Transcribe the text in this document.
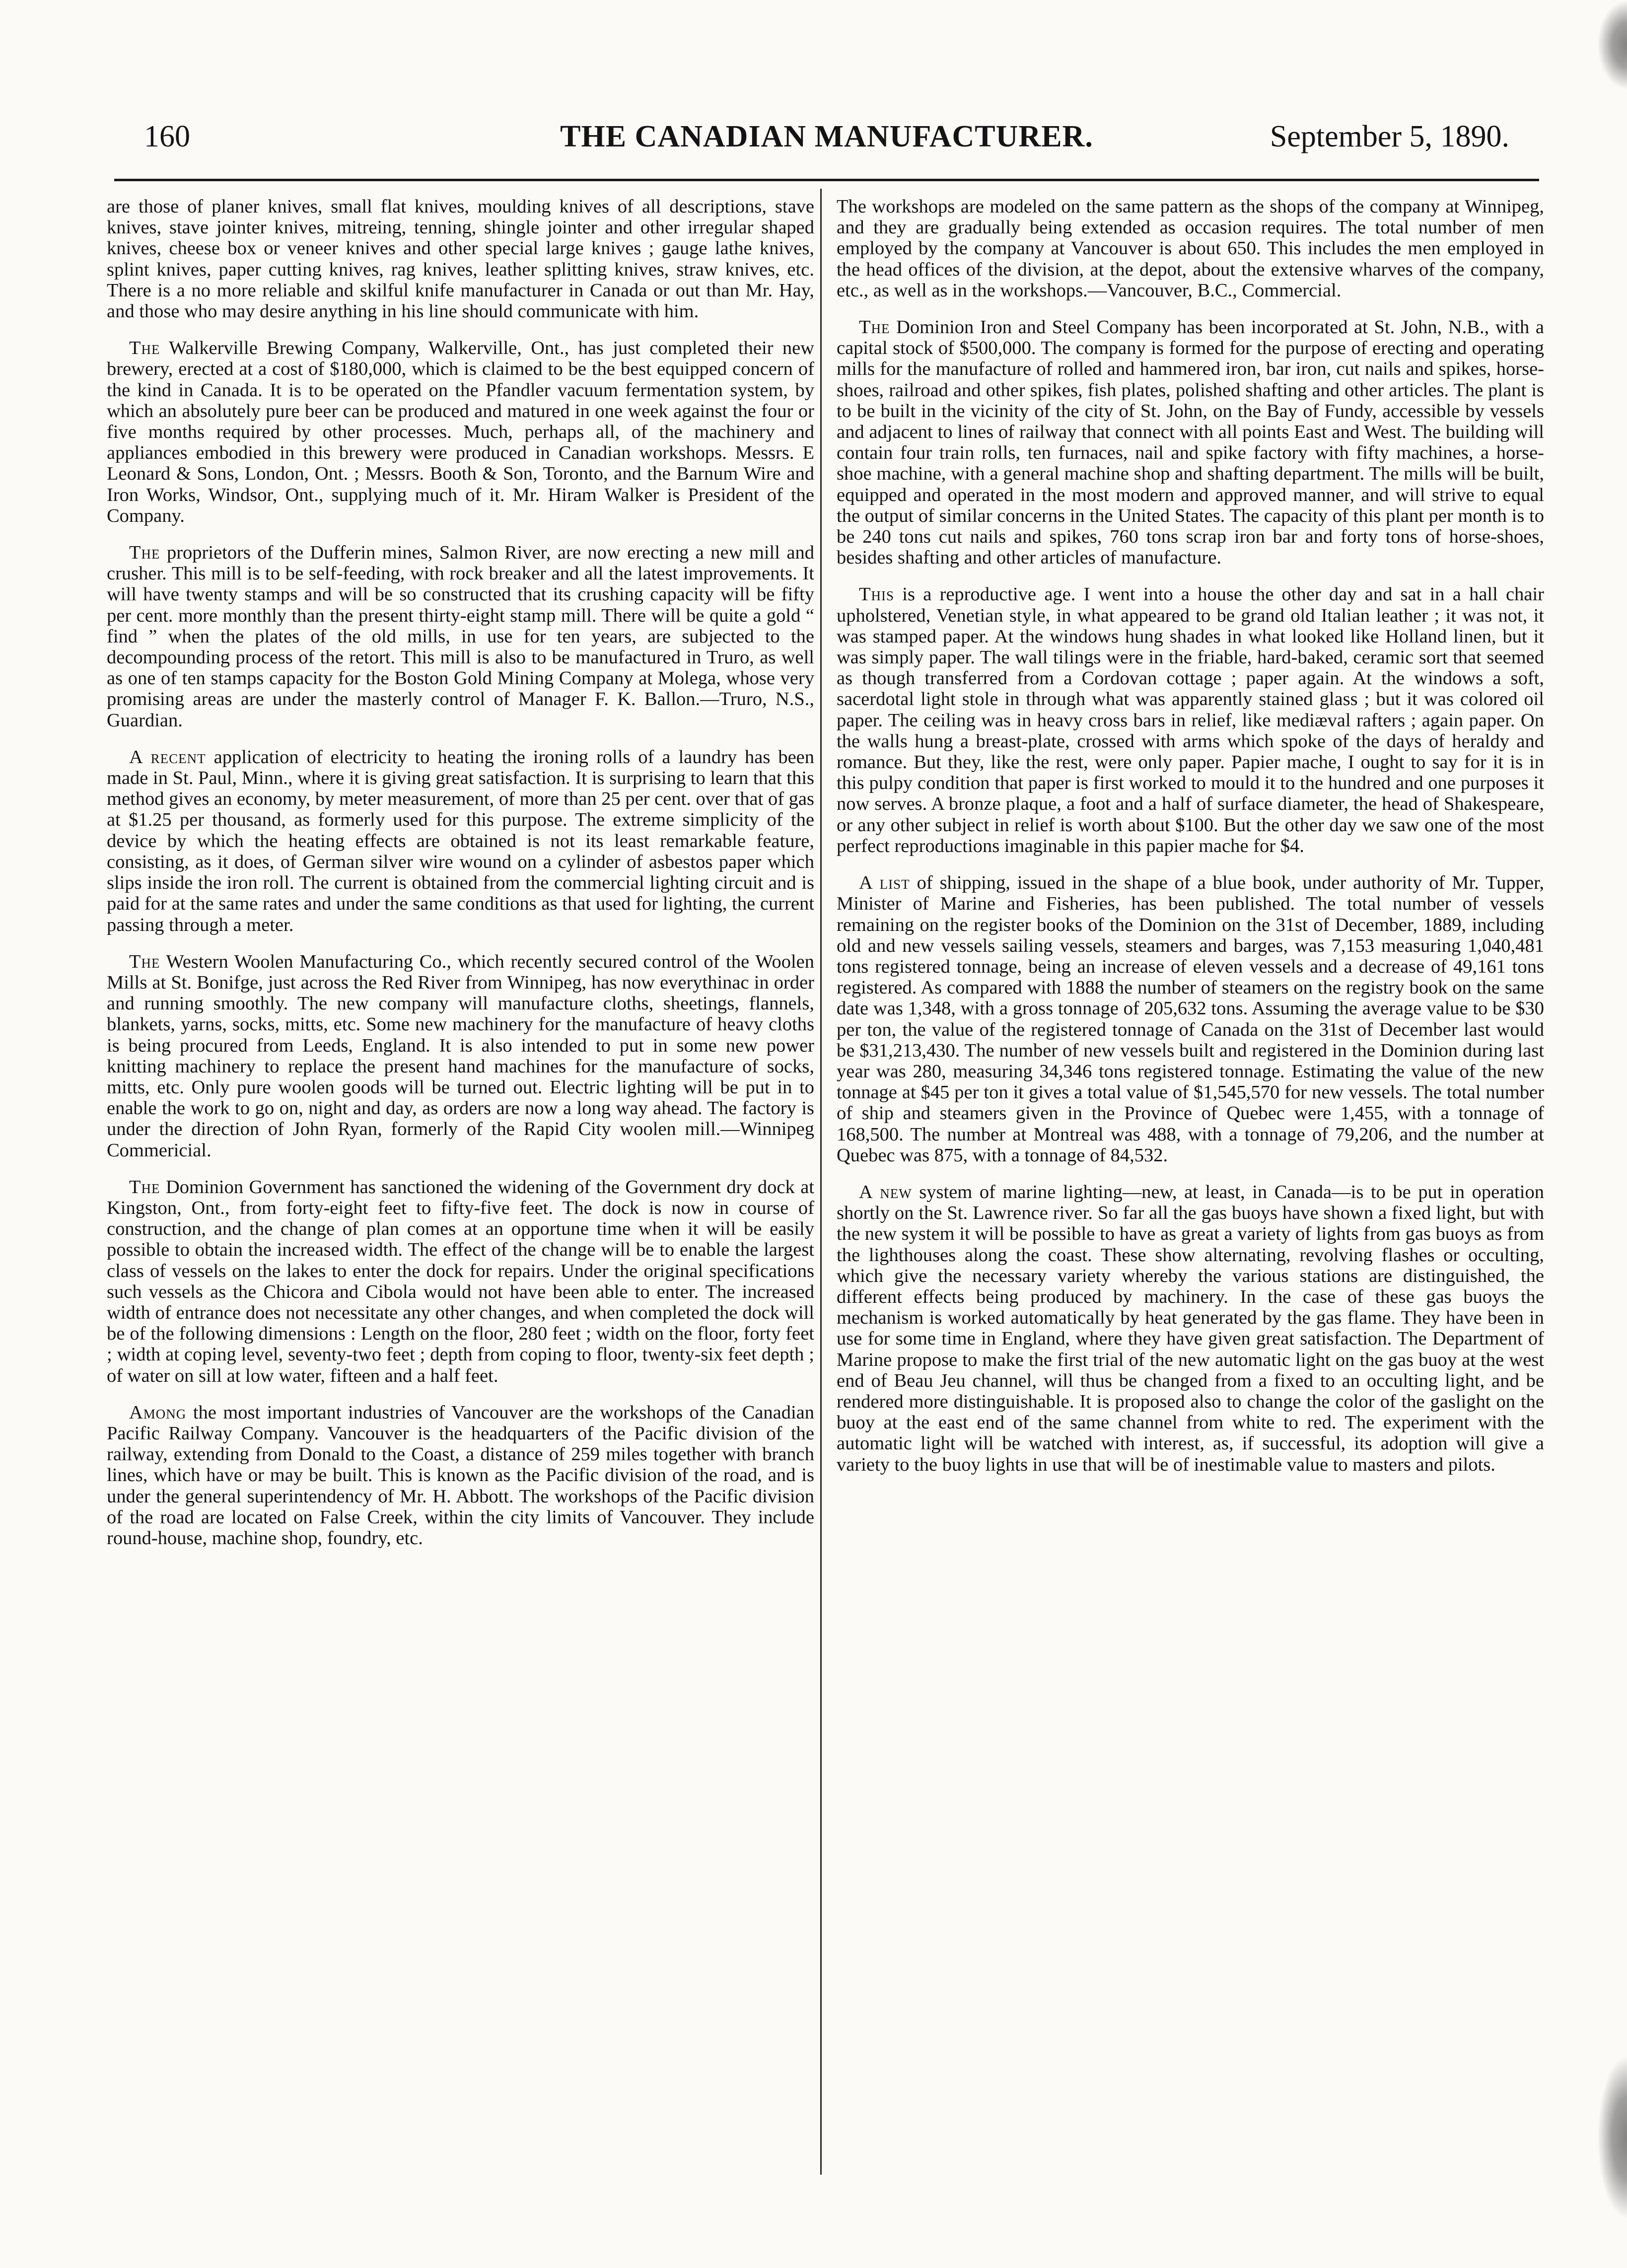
160	THE CANADIAN MANUFACTURER.	September 5, 1890.

are those of planer knives, small flat knives, moulding knives of all descriptions, stave knives, stave jointer knives, mitreing, tenning, shingle jointer and other irregular shaped knives, cheese box or veneer knives and other special large knives ; gauge lathe knives, splint knives, paper cutting knives, rag knives, leather splitting knives, straw knives, etc. There is a no more reliable and skilful knife manufacturer in Canada or out than Mr. Hay, and those who may desire anything in his line should communicate with him.

The Walkerville Brewing Company, Walkerville, Ont., has just completed their new brewery, erected at a cost of $180,000, which is claimed to be the best equipped concern of the kind in Canada. It is to be operated on the Pfandler vacuum fermentation system, by which an absolutely pure beer can be produced and matured in one week against the four or five months required by other processes. Much, perhaps all, of the machinery and appliances embodied in this brewery were produced in Canadian workshops. Messrs. E Leonard & Sons, London, Ont. ; Messrs. Booth & Son, Toronto, and the Barnum Wire and Iron Works, Windsor, Ont., supplying much of it. Mr. Hiram Walker is President of the Company.

The proprietors of the Dufferin mines, Salmon River, are now erecting a new mill and crusher. This mill is to be self-feeding, with rock breaker and all the latest improvements. It will have twenty stamps and will be so constructed that its crushing capacity will be fifty per cent. more monthly than the present thirty-eight stamp mill. There will be quite a gold “ find ” when the plates of the old mills, in use for ten years, are subjected to the decompounding process of the retort. This mill is also to be manufactured in Truro, as well as one of ten stamps capacity for the Boston Gold Mining Company at Molega, whose very promising areas are under the masterly control of Manager F. K. Ballon.—Truro, N.S., Guardian.

A recent application of electricity to heating the ironing rolls of a laundry has been made in St. Paul, Minn., where it is giving great satisfaction. It is surprising to learn that this method gives an economy, by meter measurement, of more than 25 per cent. over that of gas at $1.25 per thousand, as formerly used for this purpose. The extreme simplicity of the device by which the heating effects are obtained is not its least remarkable feature, consisting, as it does, of German silver wire wound on a cylinder of asbestos paper which slips inside the iron roll. The current is obtained from the commercial lighting circuit and is paid for at the same rates and under the same conditions as that used for lighting, the current passing through a meter.

The Western Woolen Manufacturing Co., which recently secured control of the Woolen Mills at St. Bonifge, just across the Red River from Winnipeg, has now everythinac in order and running smoothly. The new company will manufacture cloths, sheetings, flannels, blankets, yarns, socks, mitts, etc. Some new machinery for the manufacture of heavy cloths is being procured from Leeds, England. It is also intended to put in some new power knitting machinery to replace the present hand machines for the manufacture of socks, mitts, etc. Only pure woolen goods will be turned out. Electric lighting will be put in to enable the work to go on, night and day, as orders are now a long way ahead. The factory is under the direction of John Ryan, formerly of the Rapid City woolen mill.—Winnipeg Commericial.

The Dominion Government has sanctioned the widening of the Government dry dock at Kingston, Ont., from forty-eight feet to fifty-five feet. The dock is now in course of construction, and the change of plan comes at an opportune time when it will be easily possible to obtain the increased width. The effect of the change will be to enable the largest class of vessels on the lakes to enter the dock for repairs. Under the original specifications such vessels as the Chicora and Cibola would not have been able to enter. The increased width of entrance does not necessitate any other changes, and when completed the dock will be of the following dimensions : Length on the floor, 280 feet ; width on the floor, forty feet ; width at coping level, seventy-two feet ; depth from coping to floor, twenty-six feet depth ; of water on sill at low water, fifteen and a half feet.

Among the most important industries of Vancouver are the workshops of the Canadian Pacific Railway Company. Vancouver is the headquarters of the Pacific division of the railway, extending from Donald to the Coast, a distance of 259 miles together with branch lines, which have or may be built. This is known as the Pacific division of the road, and is under the general superintendency of Mr. H. Abbott. The workshops of the Pacific division of the road are located on False Creek, within the city limits of Vancouver. They include round-house, machine shop, foundry, etc.

The workshops are modeled on the same pattern as the shops of the company at Winnipeg, and they are gradually being extended as occasion requires. The total number of men employed by the company at Vancouver is about 650. This includes the men employed in the head offices of the division, at the depot, about the extensive wharves of the company, etc., as well as in the workshops.—Vancouver, B.C., Commercial.

The Dominion Iron and Steel Company has been incorporated at St. John, N.B., with a capital stock of $500,000. The company is formed for the purpose of erecting and operating mills for the manufacture of rolled and hammered iron, bar iron, cut nails and spikes, horse-shoes, railroad and other spikes, fish plates, polished shafting and other articles. The plant is to be built in the vicinity of the city of St. John, on the Bay of Fundy, accessible by vessels and adjacent to lines of railway that connect with all points East and West. The building will contain four train rolls, ten furnaces, nail and spike factory with fifty machines, a horse-shoe machine, with a general machine shop and shafting department. The mills will be built, equipped and operated in the most modern and approved manner, and will strive to equal the output of similar concerns in the United States. The capacity of this plant per month is to be 240 tons cut nails and spikes, 760 tons scrap iron bar and forty tons of horse-shoes, besides shafting and other articles of manufacture.

This is a reproductive age. I went into a house the other day and sat in a hall chair upholstered, Venetian style, in what appeared to be grand old Italian leather ; it was not, it was stamped paper. At the windows hung shades in what looked like Holland linen, but it was simply paper. The wall tilings were in the friable, hard-baked, ceramic sort that seemed as though transferred from a Cordovan cottage ; paper again. At the windows a soft, sacerdotal light stole in through what was apparently stained glass ; but it was colored oil paper. The ceiling was in heavy cross bars in relief, like mediæval rafters ; again paper. On the walls hung a breast-plate, crossed with arms which spoke of the days of heraldy and romance. But they, like the rest, were only paper. Papier mache, I ought to say for it is in this pulpy condition that paper is first worked to mould it to the hundred and one purposes it now serves. A bronze plaque, a foot and a half of surface diameter, the head of Shakespeare, or any other subject in relief is worth about $100. But the other day we saw one of the most perfect reproductions imaginable in this papier mache for $4.

A list of shipping, issued in the shape of a blue book, under authority of Mr. Tupper, Minister of Marine and Fisheries, has been published. The total number of vessels remaining on the register books of the Dominion on the 31st of December, 1889, including old and new vessels sailing vessels, steamers and barges, was 7,153 measuring 1,040,481 tons registered tonnage, being an increase of eleven vessels and a decrease of 49,161 tons registered. As compared with 1888 the number of steamers on the registry book on the same date was 1,348, with a gross tonnage of 205,632 tons. Assuming the average value to be $30 per ton, the value of the registered tonnage of Canada on the 31st of December last would be $31,213,430. The number of new vessels built and registered in the Dominion during last year was 280, measuring 34,346 tons registered tonnage. Estimating the value of the new tonnage at $45 per ton it gives a total value of $1,545,570 for new vessels. The total number of ship and steamers given in the Province of Quebec were 1,455, with a tonnage of 168,500. The number at Montreal was 488, with a tonnage of 79,206, and the number at Quebec was 875, with a tonnage of 84,532.

A new system of marine lighting—new, at least, in Canada—is to be put in operation shortly on the St. Lawrence river. So far all the gas buoys have shown a fixed light, but with the new system it will be possible to have as great a variety of lights from gas buoys as from the lighthouses along the coast. These show alternating, revolving flashes or occulting, which give the necessary variety whereby the various stations are distinguished, the different effects being produced by machinery. In the case of these gas buoys the mechanism is worked automatically by heat generated by the gas flame. They have been in use for some time in England, where they have given great satisfaction. The Department of Marine propose to make the first trial of the new automatic light on the gas buoy at the west end of Beau Jeu channel, will thus be changed from a fixed to an occulting light, and be rendered more distinguishable. It is proposed also to change the color of the gaslight on the buoy at the east end of the same channel from white to red. The experiment with the automatic light will be watched with interest, as, if successful, its adoption will give a variety to the buoy lights in use that will be of inestimable value to masters and pilots.
